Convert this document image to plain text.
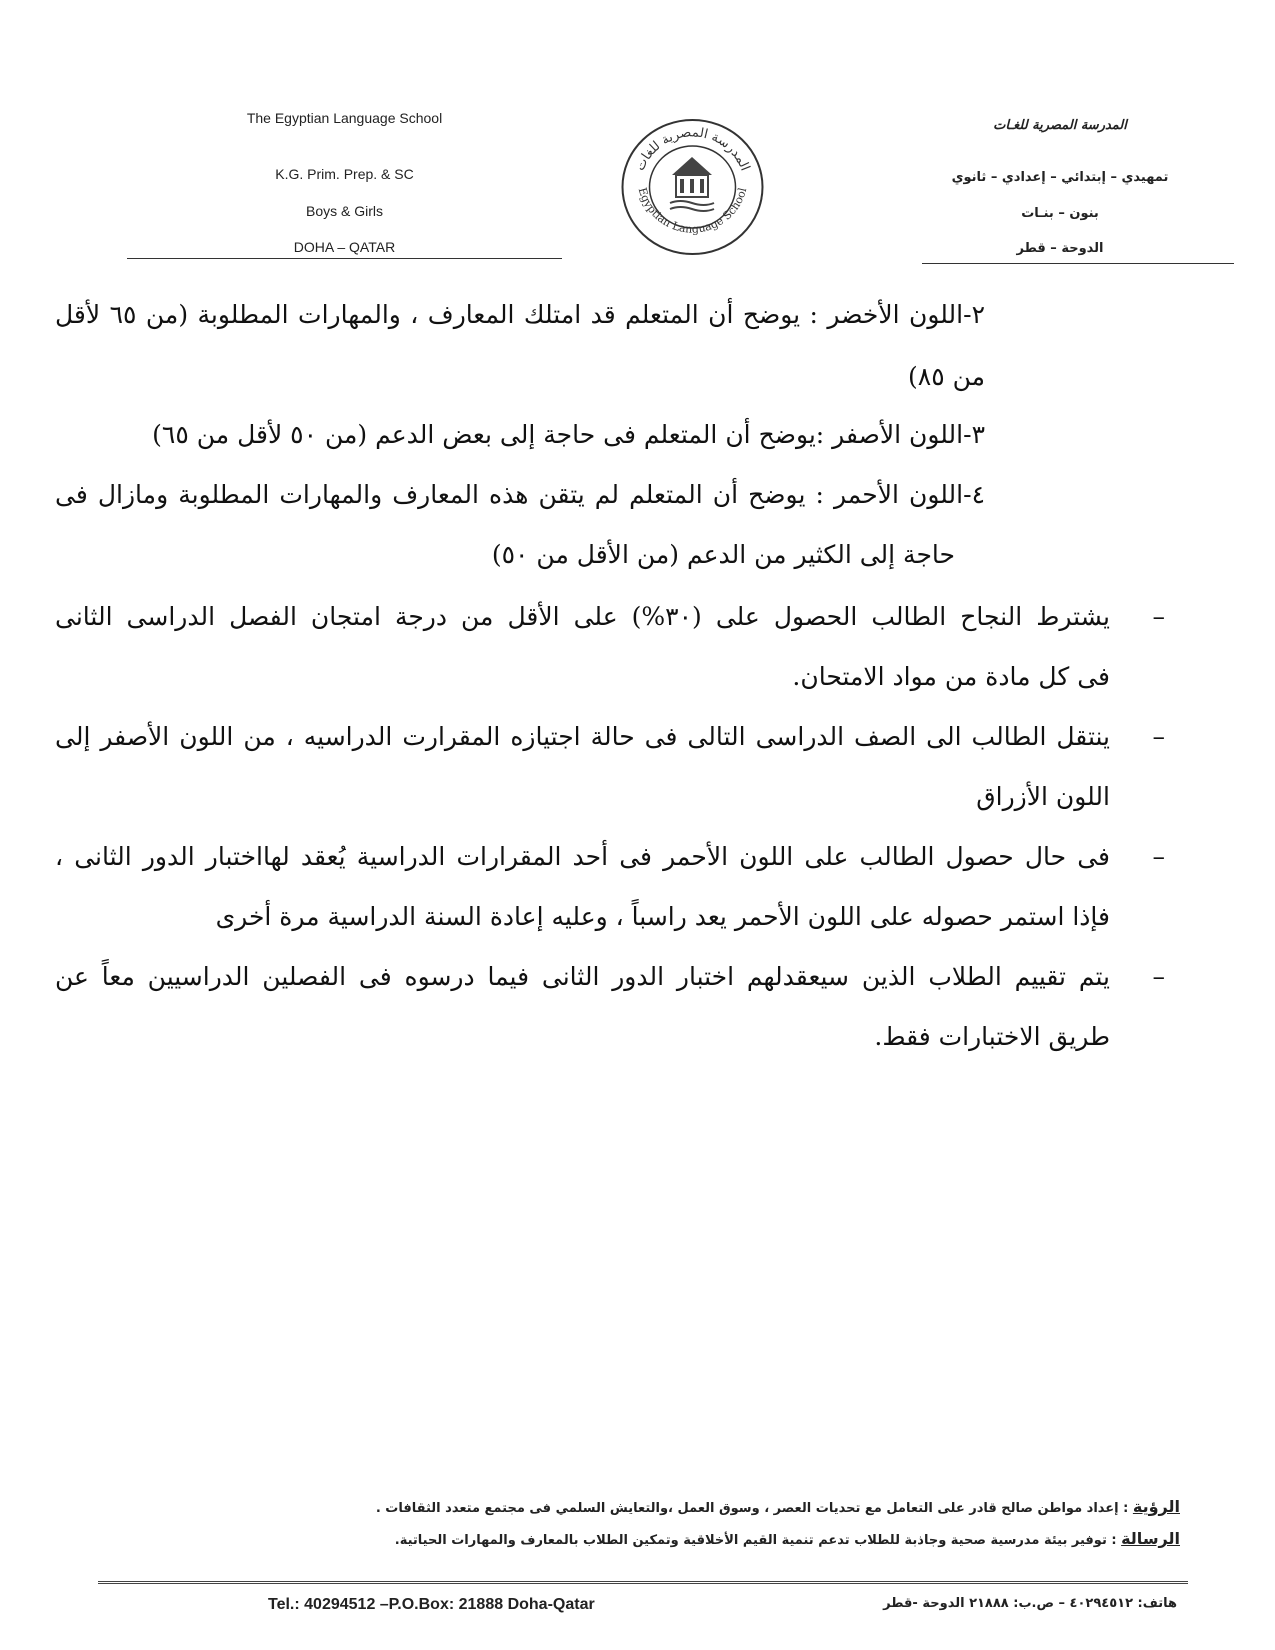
The Egyptian Language School
K.G. Prim. Prep. & SC
Boys & Girls
DOHA – QATAR
المدرسة المصرية للغات
Egyptian Language School
المدرسة المصرية للغـات
تمهيدي – إبتدائي – إعدادي – ثانوي
بنون – بنـات
الدوحة – قطر
٢-اللون الأخضر : يوضح أن المتعلم قد امتلك المعارف ، والمهارات المطلوبة (من ٦٥ لأقل
من ٨٥)
٣-اللون الأصفر :يوضح أن المتعلم فى حاجة إلى بعض الدعم (من ٥٠ لأقل من ٦٥)
٤-اللون الأحمر : يوضح أن المتعلم لم يتقن هذه المعارف والمهارات المطلوبة ومازال فى
حاجة إلى الكثير من الدعم (من الأقل من ٥٠)
–
يشترط النجاح الطالب الحصول على (٣٠%) على الأقل من درجة امتجان الفصل الدراسى الثانى
فى كل مادة من مواد الامتحان.
–
ينتقل الطالب الى الصف الدراسى التالى فى حالة اجتيازه المقرارت الدراسيه ، من اللون الأصفر إلى
اللون الأزراق
–
فى حال حصول الطالب على اللون الأحمر فى أحد المقرارات الدراسية يُعقد لهااختبار الدور الثانى ،
فإذا استمر حصوله على اللون الأحمر يعد راسباً ، وعليه إعادة السنة الدراسية مرة أخرى
–
يتم تقييم الطلاب الذين سيعقدلهم اختبار الدور الثانى فيما درسوه فى الفصلين الدراسيين معاً عن
طريق الاختبارات فقط.
الرؤية : إعداد مواطن صالح قادر على التعامل مع تحديات العصر ، وسوق العمل ،والتعايش السلمي فى مجتمع متعدد الثقافات .
الرسالة : توفير بيئة مدرسية صحية وجاذبة للطلاب تدعم تنمية القيم الأخلاقية وتمكين الطلاب بالمعارف والمهارات الحياتية.
Tel.: 40294512 –P.O.Box: 21888 Doha-Qatar	هاتف: ٤٠٢٩٤٥١٢ – ص.ب: ٢١٨٨٨ الدوحة -قطر
